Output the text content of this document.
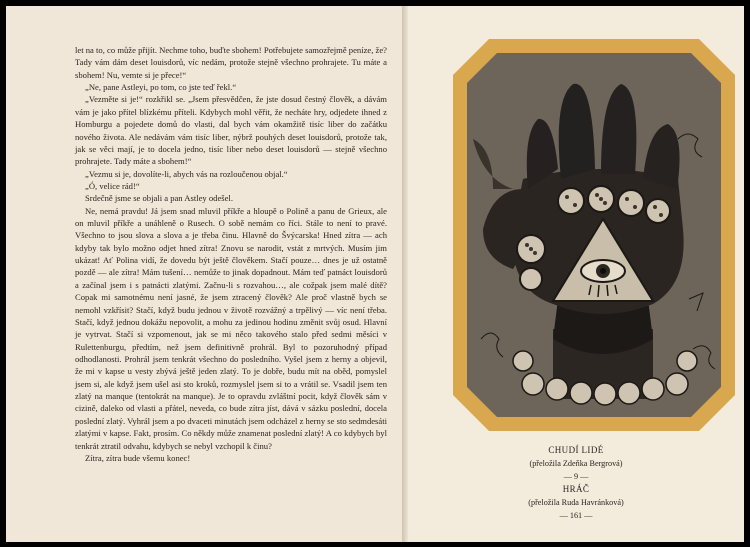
let na to, co může přijít. Nechme toho, buďte sbohem! Potřebujete samozřejmě peníze, že? Tady vám dám deset louisdorů, víc nedám, protože stejně všechno prohrajete. Tu máte a sbohem! Nu, vemte si je přece!“

„Ne, pane Astleyi, po tom, co jste teď řekl.“

„Vezměte si je!“ rozkřikl se. „Jsem přesvědčen, že jste dosud čestný člověk, a dávám vám je jako přítel blízkému příteli. Kdybych mohl věřit, že necháte hry, odjedete ihned z Homburgu a pojedete domů do vlasti, dal bych vám okamžitě tisíc liber do začátku nového života. Ale nedávám vám tisíc liber, nýbrž pouhých deset louisdorů, protože tak, jak se věci mají, je to docela jedno, tisíc liber nebo deset louisdorů — stejně všechno prohrajete. Tady máte a sbohem!“

„Vezmu si je, dovolíte-li, abych vás na rozloučenou objal.“

„Ó, velice rád!“

Srdečně jsme se objali a pan Astley odešel.

Ne, nemá pravdu! Já jsem snad mluvil příkře a hloupě o Polině a panu de Grieux, ale on mluvil příkře a unáhleně o Rusech. O sobě nemám co říci. Stále to není to pravé. Všechno to jsou slova a slova a je třeba činu. Hlavně do Švýcarska! Hned zítra — ach kdyby tak bylo možno odjet hned zítra! Znovu se narodit, vstát z mrtvých. Musím jim ukázat! Ať Polina vidí, že dovedu být ještě člověkem. Stačí pouze… dnes je už ostatně pozdě — ale zítra! Mám tušení… nemůže to jinak dopadnout. Mám teď patnáct louisdorů a začínal jsem i s patnácti zlatými. Začnu-li s rozvahou…, ale cožpak jsem malé dítě? Copak mi samotnému není jasné, že jsem ztracený člověk? Ale proč vlastně bych se nemohl vzkřísit? Stačí, když budu jednou v životě rozvážný a trpělivý — víc není třeba. Stačí, když jednou dokážu nepovolit, a mohu za jedinou hodinu změnit svůj osud. Hlavní je vytrvat. Stačí si vzpomenout, jak se mi něco takového stalo před sedmi měsíci v Rulettenburgu, předtím, než jsem definitivně prohrál. Byl to pozoruhodný případ odhodlanosti. Prohrál jsem tenkrát všechno do posledního. Vyšel jsem z herny a objevil, že mi v kapse u vesty zbývá ještě jeden zlatý. To je dobře, budu mít na oběd, pomyslel jsem si, ale když jsem ušel asi sto kroků, rozmyslel jsem si to a vrátil se. Vsadil jsem ten zlatý na manque (tentokrát na manque). Je to opravdu zvláštní pocit, když člověk sám v cizině, daleko od vlasti a přátel, neveda, co bude zítra jíst, dává v sázku poslední, docela poslední zlatý. Vyhrál jsem a po dvaceti minutách jsem odcházel z herny se sto sedmdesáti zlatými v kapse. Fakt, prosím. Co někdy může znamenat poslední zlatý! A co kdybych byl tenkrát ztratil odvahu, kdybych se nebyl vzchopil k činu?

Zítra, zítra bude všemu konec!

CHUDÍ LIDÉ
(přeložila Zdeňka Bergrová)
— 9 —
HRÁČ
(přeložila Ruda Havránková)
— 161 —
